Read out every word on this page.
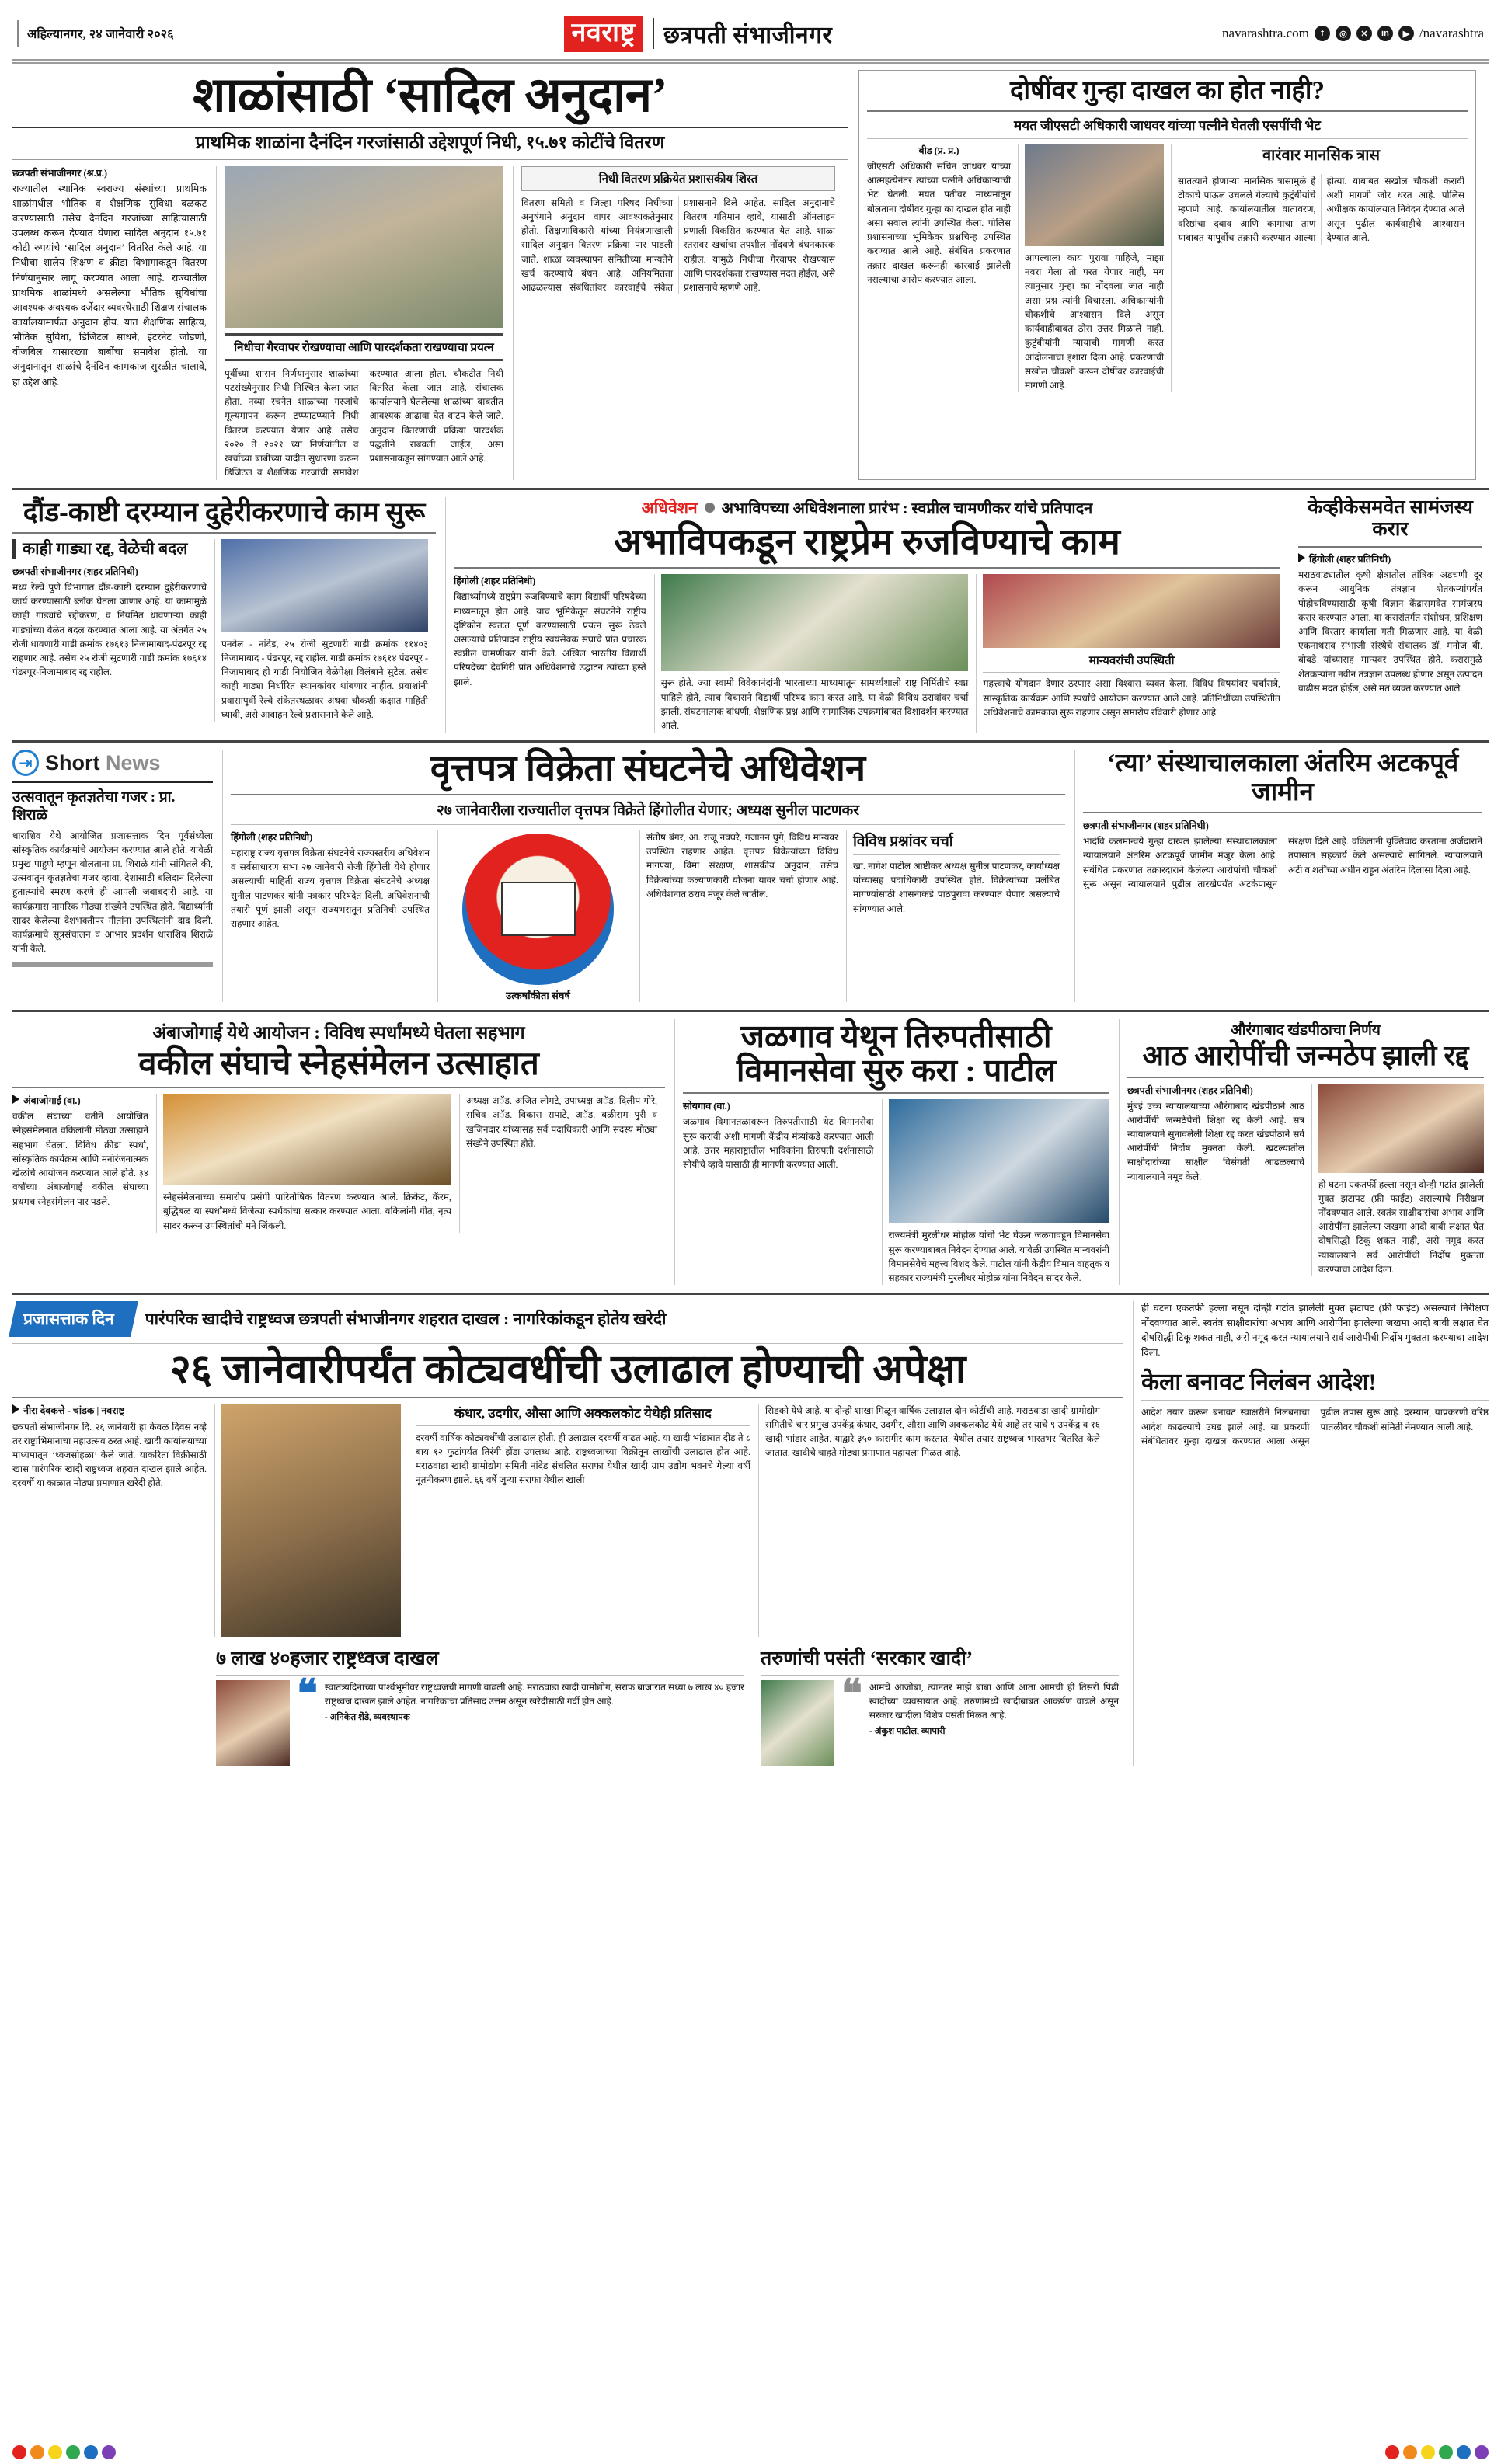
अहिल्यानगर, २४ जानेवारी २०२६	नवराष्ट्र	छत्रपती संभाजीनगर	navarashtra.com	f	◎	✕	in	▶ /navarashtra
शाळांसाठी ‘सादिल अनुदान’
प्राथमिक शाळांना दैनंदिन गरजांसाठी उद्देशपूर्ण निधी, १५.७१ कोटींचे वितरण
छत्रपती संभाजीनगर (श्र.प्र.)
राज्यातील स्थानिक स्वराज्य संस्थांच्या प्राथमिक शाळांमधील भौतिक व शैक्षणिक सुविधा बळकट करण्यासाठी तसेच दैनंदिन गरजांच्या साहित्यासाठी उपलब्ध करून देण्यात येणारा सादिल अनुदान १५.७१ कोटी रुपयांचे ‘सादिल अनुदान’ वितरित केले आहे. या निधीचा शालेय शिक्षण व क्रीडा विभागाकडून वितरण निर्णयानुसार लागू करण्यात आला आहे. राज्यातील प्राथमिक शाळांमध्ये असलेल्या भौतिक सुविधांचा आवश्यक अवश्यक दर्जेदार व्यवस्थेसाठी शिक्षण संचालक कार्यालयामार्फत अनुदान होय. यात शैक्षणिक साहित्य, भौतिक सुविधा, डिजिटल साधने, इंटरनेट जोडणी, वीजबिल यासारख्या बाबींचा समावेश होतो. या अनुदानातून शाळांचे दैनंदिन कामकाज सुरळीत चालावे, हा उद्देश आहे.
निधीचा गैरवापर रोखण्याचा आणि पारदर्शकता राखण्याचा प्रयत्न
पूर्वीच्या शासन निर्णयानुसार शाळांच्या पटसंख्येनुसार निधी निश्चित केला जात होता. नव्या रचनेत शाळांच्या गरजांचे मूल्यमापन करून टप्प्याटप्प्याने निधी वितरण करण्यात येणार आहे. तसेच २०२० ते २०२१ च्या निर्णयांतील व खर्चाच्या बाबींच्या यादीत सुधारणा करून डिजिटल व शैक्षणिक गरजांची समावेश करण्यात आला होता. चौकटीत निधी वितरित केला जात आहे. संचालक कार्यालयाने घेतलेल्या शाळांच्या बाबतीत आवश्यक आढावा घेत वाटप केले जाते. अनुदान वितरणाची प्रक्रिया पारदर्शक पद्धतीने राबवली जाईल, असा प्रशासनाकडून सांगण्यात आले आहे.
निधी वितरण प्रक्रियेत प्रशासकीय शिस्त
वितरण समिती व जिल्हा परिषद निधीच्या अनुषंगाने अनुदान वापर आवश्यकतेनुसार होतो. शिक्षणाधिकारी यांच्या नियंत्रणाखाली सादिल अनुदान वितरण प्रक्रिया पार पाडली जाते. शाळा व्यवस्थापन समितीच्या मान्यतेने खर्च करण्याचे बंधन आहे. अनियमितता आढळल्यास संबंधितांवर कारवाईचे संकेत प्रशासनाने दिले आहेत. सादिल अनुदानाचे वितरण गतिमान व्हावे, यासाठी ऑनलाइन प्रणाली विकसित करण्यात येत आहे. शाळा स्तरावर खर्चाचा तपशील नोंदवणे बंधनकारक राहील. यामुळे निधीचा गैरवापर रोखण्यास आणि पारदर्शकता राखण्यास मदत होईल, असे प्रशासनाचे म्हणणे आहे.
दोषींवर गुन्हा दाखल का होत नाही?
मयत जीएसटी अधिकारी जाधवर यांच्या पत्नीने घेतली एसपींची भेट
बीड (प्र. प्र.)
जीएसटी अधिकारी सचिन जाधवर यांच्या आत्महत्येनंतर त्यांच्या पत्नीने अधिकाऱ्यांची भेट घेतली. मयत पतीवर माध्यमांतून बोलताना दोषींवर गुन्हा का दाखल होत नाही असा सवाल त्यांनी उपस्थित केला. पोलिस प्रशासनाच्या भूमिकेवर प्रश्नचिन्ह उपस्थित करण्यात आले आहे. संबंधित प्रकरणात तक्रार दाखल करूनही कारवाई झालेली नसल्याचा आरोप करण्यात आला.
आपल्याला काय पुरावा पाहिजे, माझा नवरा गेला तो परत येणार नाही, मग त्यानुसार गुन्हा का नोंदवला जात नाही असा प्रश्न त्यांनी विचारला. अधिकाऱ्यांनी चौकशीचे आश्वासन दिले असून कार्यवाहीबाबत ठोस उत्तर मिळाले नाही. कुटुंबीयांनी न्यायाची मागणी करत आंदोलनाचा इशारा दिला आहे. प्रकरणाची सखोल चौकशी करून दोषींवर कारवाईची मागणी आहे.
वारंवार मानसिक त्रास
सातत्याने होणाऱ्या मानसिक त्रासामुळे हे टोकाचे पाऊल उचलले गेल्याचे कुटुंबीयांचे म्हणणे आहे. कार्यालयातील वातावरण, वरिष्ठांचा दबाव आणि कामाचा ताण याबाबत यापूर्वीच तक्रारी करण्यात आल्या होत्या. याबाबत सखोल चौकशी करावी अशी मागणी जोर धरत आहे. पोलिस अधीक्षक कार्यालयात निवेदन देण्यात आले असून पुढील कार्यवाहीचे आश्वासन देण्यात आले.
दौंड-काष्टी दरम्यान दुहेरीकरणाचे काम सुरू
काही गाड्या रद्द, वेळेची बदल
छत्रपती संभाजीनगर (शहर प्रतिनिधी)
मध्य रेल्वे पुणे विभागात दौंड-काष्टी दरम्यान दुहेरीकरणाचे कार्य करण्यासाठी ब्लॉक घेतला जाणार आहे. या कामामुळे काही गाड्यांचे रद्दीकरण, व नियमित धावणाऱ्या काही गाड्यांच्या वेळेत बदल करण्यात आला आहे. या अंतर्गत २५ रोजी धावणारी गाडी क्रमांक १७६१३ निजामाबाद-पंढरपूर रद्द राहणार आहे. तसेच २५ रोजी सुटणारी गाडी क्रमांक १७६१४ पंढरपूर-निजामाबाद रद्द राहील.
पनवेल - नांदेड, २५ रोजी सुटणारी गाडी क्रमांक ११४०३ निजामाबाद - पंढरपूर, रद्द राहील. गाडी क्रमांक १७६१४ पंढरपूर - निजामाबाद ही गाडी नियोजित वेळेपेक्षा विलंबाने सुटेल. तसेच काही गाड्या निर्धारित स्थानकांवर थांबणार नाहीत. प्रवाशांनी प्रवासापूर्वी रेल्वे संकेतस्थळावर अथवा चौकशी कक्षात माहिती घ्यावी, असे आवाहन रेल्वे प्रशासनाने केले आहे.
अधिवेशन अभाविपच्या अधिवेशनाला प्रारंभ : स्वप्नील चामणीकर यांचे प्रतिपादन
अभाविपकडून राष्ट्रप्रेम रुजविण्याचे काम
हिंगोली (शहर प्रतिनिधी)
विद्यार्थ्यांमध्ये राष्ट्रप्रेम रुजविण्याचे काम विद्यार्थी परिषदेच्या माध्यमातून होत आहे. याच भूमिकेतून संघटनेने राष्ट्रीय दृष्टिकोन स्वतःत पूर्ण करण्यासाठी प्रयत्न सुरू ठेवले असल्याचे प्रतिपादन राष्ट्रीय स्वयंसेवक संघाचे प्रांत प्रचारक स्वप्नील चामणीकर यांनी केले. अखिल भारतीय विद्यार्थी परिषदेच्या देवगिरी प्रांत अधिवेशनाचे उद्घाटन त्यांच्या हस्ते झाले.	सुरू होते. ज्या स्वामी विवेकानंदांनी भारताच्या माध्यमातून सामर्थ्यशाली राष्ट्र निर्मितीचे स्वप्न पाहिले होते, त्याच विचाराने विद्यार्थी परिषद काम करत आहे. या वेळी विविध ठरावांवर चर्चा झाली. संघटनात्मक बांधणी, शैक्षणिक प्रश्न आणि सामाजिक उपक्रमांबाबत दिशादर्शन करण्यात आले.
मान्यवरांची उपस्थिती
महत्त्वाचे योगदान देणार ठरणार असा विश्वास व्यक्त केला. विविध विषयांवर चर्चासत्रे, सांस्कृतिक कार्यक्रम आणि स्पर्धांचे आयोजन करण्यात आले आहे. प्रतिनिधींच्या उपस्थितीत अधिवेशनाचे कामकाज सुरू राहणार असून समारोप रविवारी होणार आहे.
केव्हीकेसमवेत सामंजस्य करार
हिंगोली (शहर प्रतिनिधी)
मराठवाड्यातील कृषी क्षेत्रातील तांत्रिक अडचणी दूर करून आधुनिक तंत्रज्ञान शेतकऱ्यांपर्यंत पोहोचविण्यासाठी कृषी विज्ञान केंद्रासमवेत सामंजस्य करार करण्यात आला. या करारांतर्गत संशोधन, प्रशिक्षण आणि विस्तार कार्याला गती मिळणार आहे. या वेळी एकनाथराव संभाजी संस्थेचे संचालक डॉ. मनोज बी. बोबडे यांच्यासह मान्यवर उपस्थित होते. करारामुळे शेतकऱ्यांना नवीन तंत्रज्ञान उपलब्ध होणार असून उत्पादन वाढीस मदत होईल, असे मत व्यक्त करण्यात आले.
⇥ Short News
उत्सवातून कृतज्ञतेचा गजर : प्रा. शिराळे
धाराशिव येथे आयोजित प्रजासत्ताक दिन पूर्वसंध्येला सांस्कृतिक कार्यक्रमांचे आयोजन करण्यात आले होते. यावेळी प्रमुख पाहुणे म्हणून बोलताना प्रा. शिराळे यांनी सांगितले की, उत्सवातून कृतज्ञतेचा गजर व्हावा. देशासाठी बलिदान दिलेल्या हुतात्म्यांचे स्मरण करणे ही आपली जबाबदारी आहे. या कार्यक्रमास नागरिक मोठ्या संख्येने उपस्थित होते. विद्यार्थ्यांनी सादर केलेल्या देशभक्तीपर गीतांना उपस्थितांनी दाद दिली. कार्यक्रमाचे सूत्रसंचालन व आभार प्रदर्शन धाराशिव शिराळे यांनी केले.
वृत्तपत्र विक्रेता संघटनेचे अधिवेशन
२७ जानेवारीला राज्यातील वृत्तपत्र विक्रेते हिंगोलीत येणार; अध्यक्ष सुनील पाटणकर
हिंगोली (शहर प्रतिनिधी)
महाराष्ट्र राज्य वृत्तपत्र विक्रेता संघटनेचे राज्यस्तरीय अधिवेशन व सर्वसाधारण सभा २७ जानेवारी रोजी हिंगोली येथे होणार असल्याची माहिती राज्य वृत्तपत्र विक्रेता संघटनेचे अध्यक्ष सुनील पाटणकर यांनी पत्रकार परिषदेत दिली. अधिवेशनाची तयारी पूर्ण झाली असून राज्यभरातून प्रतिनिधी उपस्थित राहणार आहेत.
उत्कर्षांकीता संघर्ष
संतोष बंगर, आ. राजू नवघरे, गजानन घुगे, विविध मान्यवर उपस्थित राहणार आहेत. वृत्तपत्र विक्रेत्यांच्या विविध मागण्या, विमा संरक्षण, शासकीय अनुदान, तसेच विक्रेत्यांच्या कल्याणकारी योजना यावर चर्चा होणार आहे. अधिवेशनात ठराव मंजूर केले जातील.
विविध प्रश्नांवर चर्चा
खा. नागेश पाटील आष्टीकर अध्यक्ष सुनील पाटणकर, कार्याध्यक्ष यांच्यासह पदाधिकारी उपस्थित होते. विक्रेत्यांच्या प्रलंबित मागण्यांसाठी शासनाकडे पाठपुरावा करण्यात येणार असल्याचे सांगण्यात आले.
‘त्या’ संस्थाचालकाला अंतरिम अटकपूर्व जामीन
छत्रपती संभाजीनगर (शहर प्रतिनिधी)
भादंवि कलमान्वये गुन्हा दाखल झालेल्या संस्थाचालकाला न्यायालयाने अंतरिम अटकपूर्व जामीन मंजूर केला आहे. संबंधित प्रकरणात तक्रारदाराने केलेल्या आरोपांची चौकशी सुरू असून न्यायालयाने पुढील तारखेपर्यंत अटकेपासून संरक्षण दिले आहे. वकिलांनी युक्तिवाद करताना अर्जदाराने तपासात सहकार्य केले असल्याचे सांगितले. न्यायालयाने अटी व शर्तींच्या अधीन राहून अंतरिम दिलासा दिला आहे.
अंबाजोगाई येथे आयोजन : विविध स्पर्धांमध्ये घेतला सहभाग
वकील संघाचे स्नेहसंमेलन उत्साहात
अंबाजोगाई (वा.)
वकील संघाच्या वतीने आयोजित स्नेहसंमेलनात वकिलांनी मोठ्या उत्साहाने सहभाग घेतला. विविध क्रीडा स्पर्धा, सांस्कृतिक कार्यक्रम आणि मनोरंजनात्मक खेळांचे आयोजन करण्यात आले होते. ३४ वर्षांच्या अंबाजोगाई वकील संघाच्या प्रथमच स्नेहसंमेलन पार पडले.	स्नेहसंमेलनाच्या समारोप प्रसंगी पारितोषिक वितरण करण्यात आले. क्रिकेट, कॅरम, बुद्धिबळ या स्पर्धांमध्ये विजेत्या स्पर्धकांचा सत्कार करण्यात आला. वकिलांनी गीत, नृत्य सादर करून उपस्थितांची मने जिंकली.
अध्यक्ष अॅड. अजित लोमटे, उपाध्यक्ष अॅड. दिलीप गोरे, सचिव अॅड. विकास सपाटे, अॅड. बळीराम पुरी व खजिनदार यांच्यासह सर्व पदाधिकारी आणि सदस्य मोठ्या संख्येने उपस्थित होते.
जळगाव येथून तिरुपतीसाठी विमानसेवा सुरु करा : पाटील
सोयगाव (वा.)
जळगाव विमानतळावरून तिरुपतीसाठी थेट विमानसेवा सुरू करावी अशी मागणी केंद्रीय मंत्र्यांकडे करण्यात आली आहे. उत्तर महाराष्ट्रातील भाविकांना तिरुपती दर्शनासाठी सोयीचे व्हावे यासाठी ही मागणी करण्यात आली.
राज्यमंत्री मुरलीधर मोहोळ यांची भेट घेऊन जळगावहून विमानसेवा सुरू करण्याबाबत निवेदन देण्यात आले. यावेळी उपस्थित मान्यवरांनी विमानसेवेचे महत्त्व विशद केले. पाटील यांनी केंद्रीय विमान वाहतूक व सहकार राज्यमंत्री मुरलीधर मोहोळ यांना निवेदन सादर केले.
औरंगाबाद खंडपीठाचा निर्णय
आठ आरोपींची जन्मठेप झाली रद्द
छत्रपती संभाजीनगर (शहर प्रतिनिधी)
मुंबई उच्च न्यायालयाच्या औरंगाबाद खंडपीठाने आठ आरोपींची जन्मठेपेची शिक्षा रद्द केली आहे. सत्र न्यायालयाने सुनावलेली शिक्षा रद्द करत खंडपीठाने सर्व आरोपींची निर्दोष मुक्तता केली. खटल्यातील साक्षीदारांच्या साक्षीत विसंगती आढळल्याचे न्यायालयाने नमूद केले.
ही घटना एकतर्फी हल्ला नसून दोन्ही गटांत झालेली मुक्त झटापट (फ्री फाईट) असल्याचे निरीक्षण नोंदवण्यात आले. स्वतंत्र साक्षीदारांचा अभाव आणि आरोपींना झालेल्या जखमा आदी बाबी लक्षात घेत दोषसिद्धी टिकू शकत नाही, असे नमूद करत न्यायालयाने सर्व आरोपींची निर्दोष मुक्तता करण्याचा आदेश दिला.
प्रजासत्ताक दिन	पारंपरिक खादीचे राष्ट्रध्वज छत्रपती संभाजीनगर शहरात दाखल : नागरिकांकडून होतेय खरेदी
२६ जानेवारीपर्यंत कोट्यवधींची उलाढाल होण्याची अपेक्षा
नीरा देवकत्ते - चांडक | नवराष्ट्र
छत्रपती संभाजीनगर दि. २६ जानेवारी हा केवळ दिवस नव्हे तर राष्ट्राभिमानाचा महाउत्सव ठरत आहे. खादी कार्यालयाच्या माध्यमातून ‘ध्वजसोहळा’ केले जाते. याकरिता विक्रीसाठी खास पारंपरिक खादी राष्ट्रध्वज शहरात दाखल झाले आहेत. दरवर्षी या काळात मोठ्या प्रमाणात खरेदी होते.
कंधार, उदगीर, औसा आणि अक्कलकोट येथेही प्रतिसाद
दरवर्षी वार्षिक कोट्यवधींची उलाढाल होती. ही उलाढाल दरवर्षी वाढत आहे. या खादी भांडारात दीड ते ८ बाय १२ फुटांपर्यंत तिरंगी झेंडा उपलब्ध आहे. राष्ट्रध्वजाच्या विक्रीतून लाखोंची उलाढाल होत आहे. मराठवाडा खादी ग्रामोद्योग समिती नांदेड संचलित सराफा येथील खादी ग्राम उद्योग भवनचे गेल्या वर्षी नूतनीकरण झाले. ६६ वर्षे जुन्या सराफा येथील खाली
सिडको येथे आहे. या दोन्ही शाखा मिळून वार्षिक उलाढाल दोन कोटींची आहे. मराठवाडा खादी ग्रामोद्योग समितीचे चार प्रमुख उपकेंद्र कंधार, उदगीर, औसा आणि अक्कलकोट येथे आहे तर याचे ९ उपकेंद्र व १६ खादी भांडार आहेत. याद्वारे ३५० कारागीर काम करतात. येथील तयार राष्ट्रध्वज भारतभर वितरित केले जातात. खादीचे चाहते मोठ्या प्रमाणात पहायला मिळत आहे.
७ लाख ४०हजार राष्ट्रध्वज दाखल
❝ स्वातंत्र्यदिनाच्या पार्श्वभूमीवर राष्ट्रध्वजची मागणी वाढली आहे. मराठवाडा खादी ग्रामोद्योग, सराफ बाजारात सध्या ७ लाख ४० हजार राष्ट्रध्वज दाखल झाले आहेत. नागरिकांचा प्रतिसाद उत्तम असून खरेदीसाठी गर्दी होत आहे.
- अनिकेत शेंडे, व्यवस्थापक
तरुणांची पसंती ‘सरकार खादी’
❝ आमचे आजोबा, त्यानंतर माझे बाबा आणि आता आमची ही तिसरी पिढी खादीच्या व्यवसायात आहे. तरुणांमध्ये खादीबाबत आकर्षण वाढले असून सरकार खादीला विशेष पसंती मिळत आहे.
- अंकुश पाटील, व्यापारी
ही घटना एकतर्फी हल्ला नसून दोन्ही गटांत झालेली मुक्त झटापट (फ्री फाईट) असल्याचे निरीक्षण नोंदवण्यात आले. स्वतंत्र साक्षीदारांचा अभाव आणि आरोपींना झालेल्या जखमा आदी बाबी लक्षात घेत दोषसिद्धी टिकू शकत नाही, असे नमूद करत न्यायालयाने सर्व आरोपींची निर्दोष मुक्तता करण्याचा आदेश दिला.
केला बनावट निलंबन आदेश!
आदेश तयार करून बनावट स्वाक्षरीने निलंबनाचा आदेश काढल्याचे उघड झाले आहे. या प्रकरणी संबंधितावर गुन्हा दाखल करण्यात आला असून पुढील तपास सुरू आहे. दरम्यान, याप्रकरणी वरिष्ठ पातळीवर चौकशी समिती नेमण्यात आली आहे.
